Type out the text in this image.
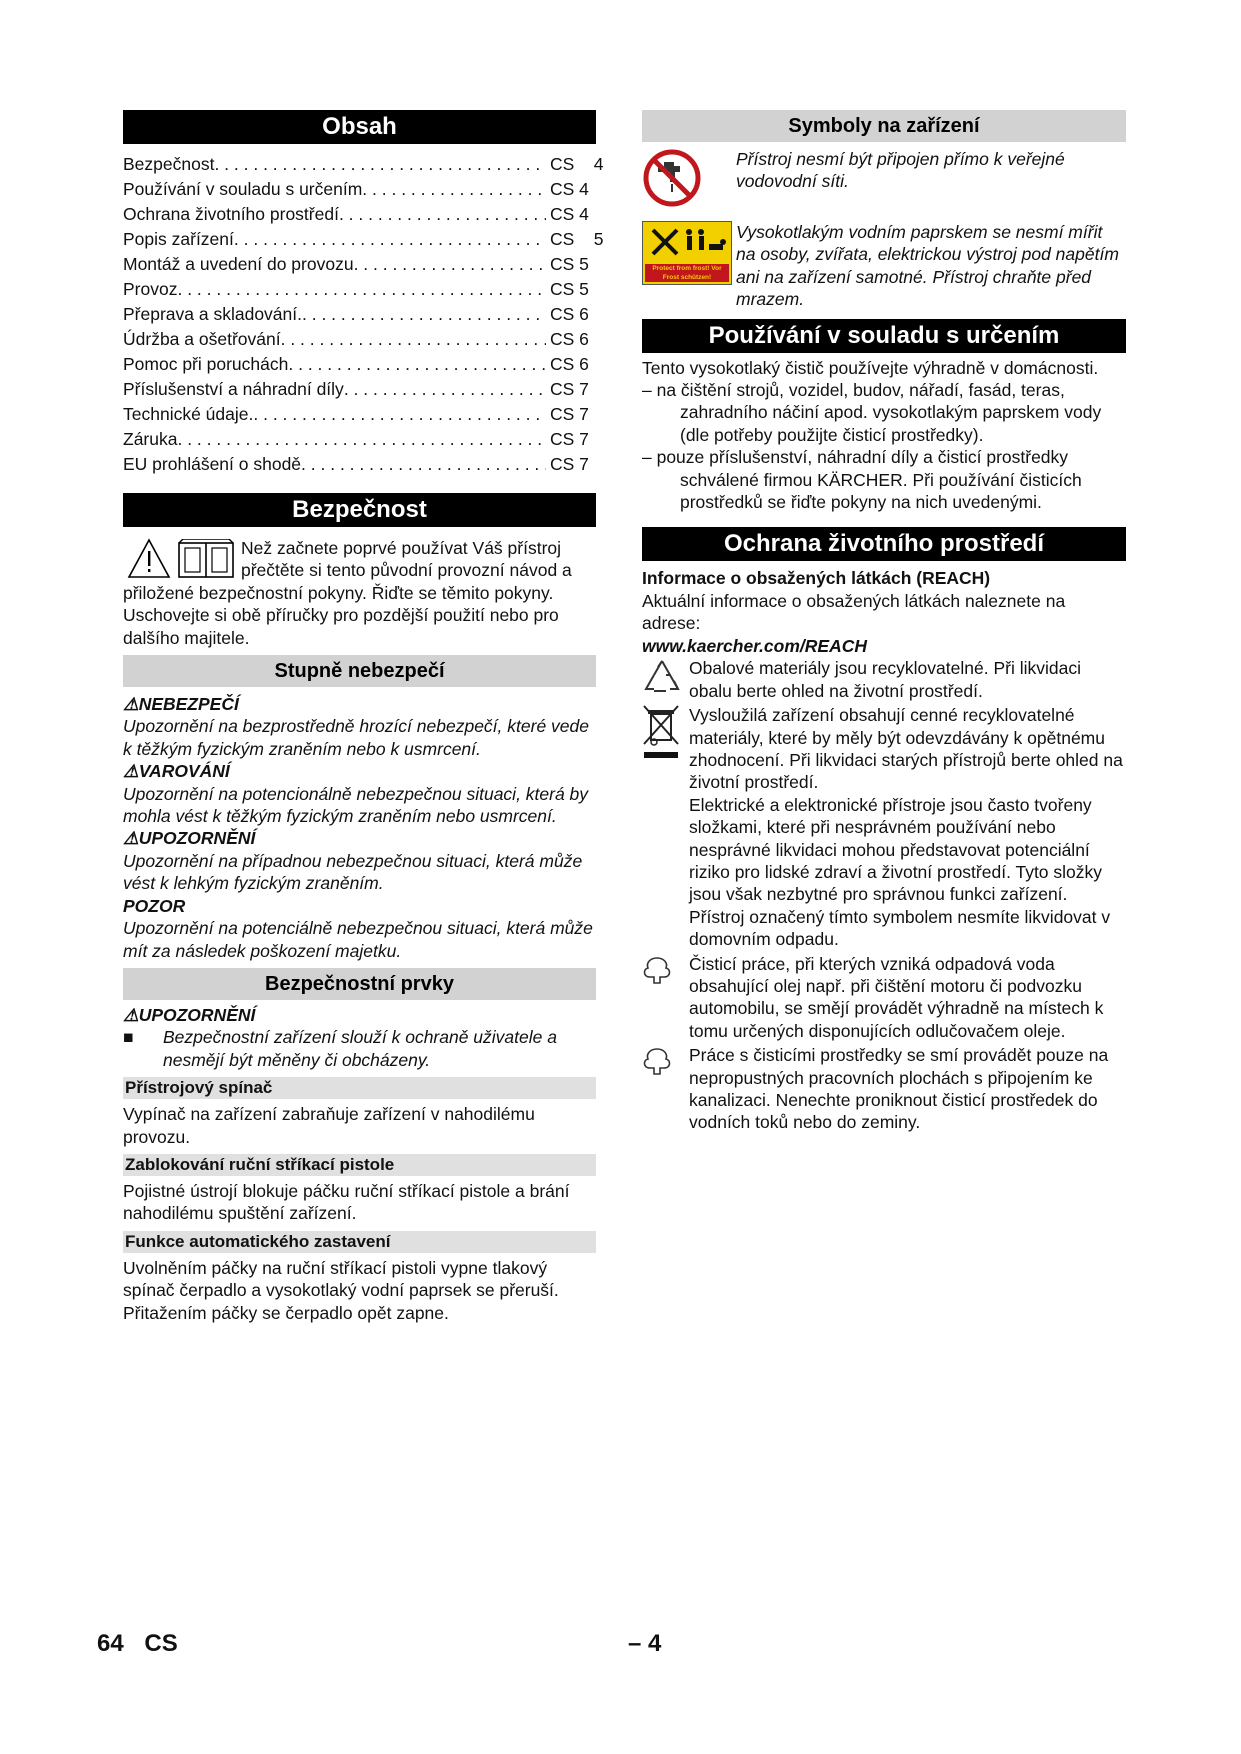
Obsah
Bezpečnost . . .	CS    4
Používání v souladu s určením . . .	CS 4
Ochrana životního prostředí . . .	CS 4
Popis zařízení . . .	CS    5
Montáž a uvedení do provozu . . .	CS 5
Provoz . . .	CS 5
Přeprava a skladování. . . .	CS 6
Údržba a ošetřování . . .	CS 6
Pomoc při poruchách . . .	CS 6
Příslušenství a náhradní díly . . .	CS 7
Technické údaje. . . .	CS 7
Záruka . . .	CS 7
EU prohlášení o shodě . . .	CS 7
Bezpečnost
Než začnete poprvé používat Váš přístroj přečtěte si tento původní provozní návod a přiložené bezpečnostní pokyny. Řiďte se těmito pokyny. Uschovejte si obě příručky pro pozdější použití nebo pro dalšího majitele.
Stupně nebezpečí
⚠NEBEZPEČÍ
Upozornění na bezprostředně hrozící nebezpečí, které vede k těžkým fyzickým zraněním nebo k usmrcení.
⚠VAROVÁNÍ
Upozornění na potencionálně nebezpečnou situaci, která by mohla vést k těžkým fyzickým zraněním nebo usmrcení.
⚠UPOZORNĚNÍ
Upozornění na případnou nebezpečnou situaci, která může vést k lehkým fyzickým zraněním.
POZOR
Upozornění na potenciálně nebezpečnou situaci, která může mít za následek poškození majetku.
Bezpečnostní prvky
⚠UPOZORNĚNÍ
■	Bezpečnostní zařízení slouží k ochraně uživatele a nesmějí být měněny či obcházeny.
Přístrojový spínač
Vypínač na zařízení zabraňuje zařízení v nahodilému provozu.
Zablokování ruční stříkací pistole
Pojistné ústrojí blokuje páčku ruční stříkací pistole a brání nahodilému spuštění zařízení.
Funkce automatického zastavení
Uvolněním páčky na ruční stříkací pistoli vypne tlakový spínač čerpadlo a vysokotlaký vodní paprsek se přeruší. Přitažením páčky se čerpadlo opět zapne.
Symboly na zařízení
Přístroj nesmí být připojen přímo k veřejné vodovodní síti.
Protect from frost! Vor Frost schützen!
Vysokotlakým vodním paprskem se nesmí mířit na osoby, zvířata, elektrickou výstroj pod napětím ani na zařízení samotné. Přístroj chraňte před mrazem.
Používání v souladu s určením
Tento vysokotlaký čistič používejte výhradně v domácnosti.
– na čištění strojů, vozidel, budov, nářadí, fasád, teras, zahradního náčiní apod. vysokotlakým paprskem vody (dle potřeby použijte čisticí prostředky).
– pouze příslušenství, náhradní díly a čisticí prostředky schválené firmou KÄRCHER. Při používání čisticích prostředků se řiďte pokyny na nich uvedenými.
Ochrana životního prostředí
Informace o obsažených látkách (REACH)
Aktuální informace o obsažených látkách naleznete na adrese:
www.kaercher.com/REACH
Obalové materiály jsou recyklovatelné. Při likvidaci obalu berte ohled na životní prostředí.
Vysloužilá zařízení obsahují cenné recyklovatelné materiály, které by měly být odevzdávány k opětnému zhodnocení. Při likvidaci starých přístrojů berte ohled na životní prostředí.
Elektrické a elektronické přístroje jsou často tvořeny složkami, které při nesprávném používání nebo nesprávné likvidaci mohou představovat potenciální riziko pro lidské zdraví a životní prostředí. Tyto složky jsou však nezbytné pro správnou funkci zařízení. Přístroj označený tímto symbolem nesmíte likvidovat v domovním odpadu.
Čisticí práce, při kterých vzniká odpadová voda obsahující olej např. při čištění motoru či podvozku automobilu, se smějí provádět výhradně na místech k tomu určených disponujících odlučovačem oleje.
Práce s čisticími prostředky se smí provádět pouze na nepropustných pracovních plochách s připojením ke kanalizaci. Nenechte proniknout čisticí prostředek do vodních toků nebo do zeminy.
64 CS	– 4
